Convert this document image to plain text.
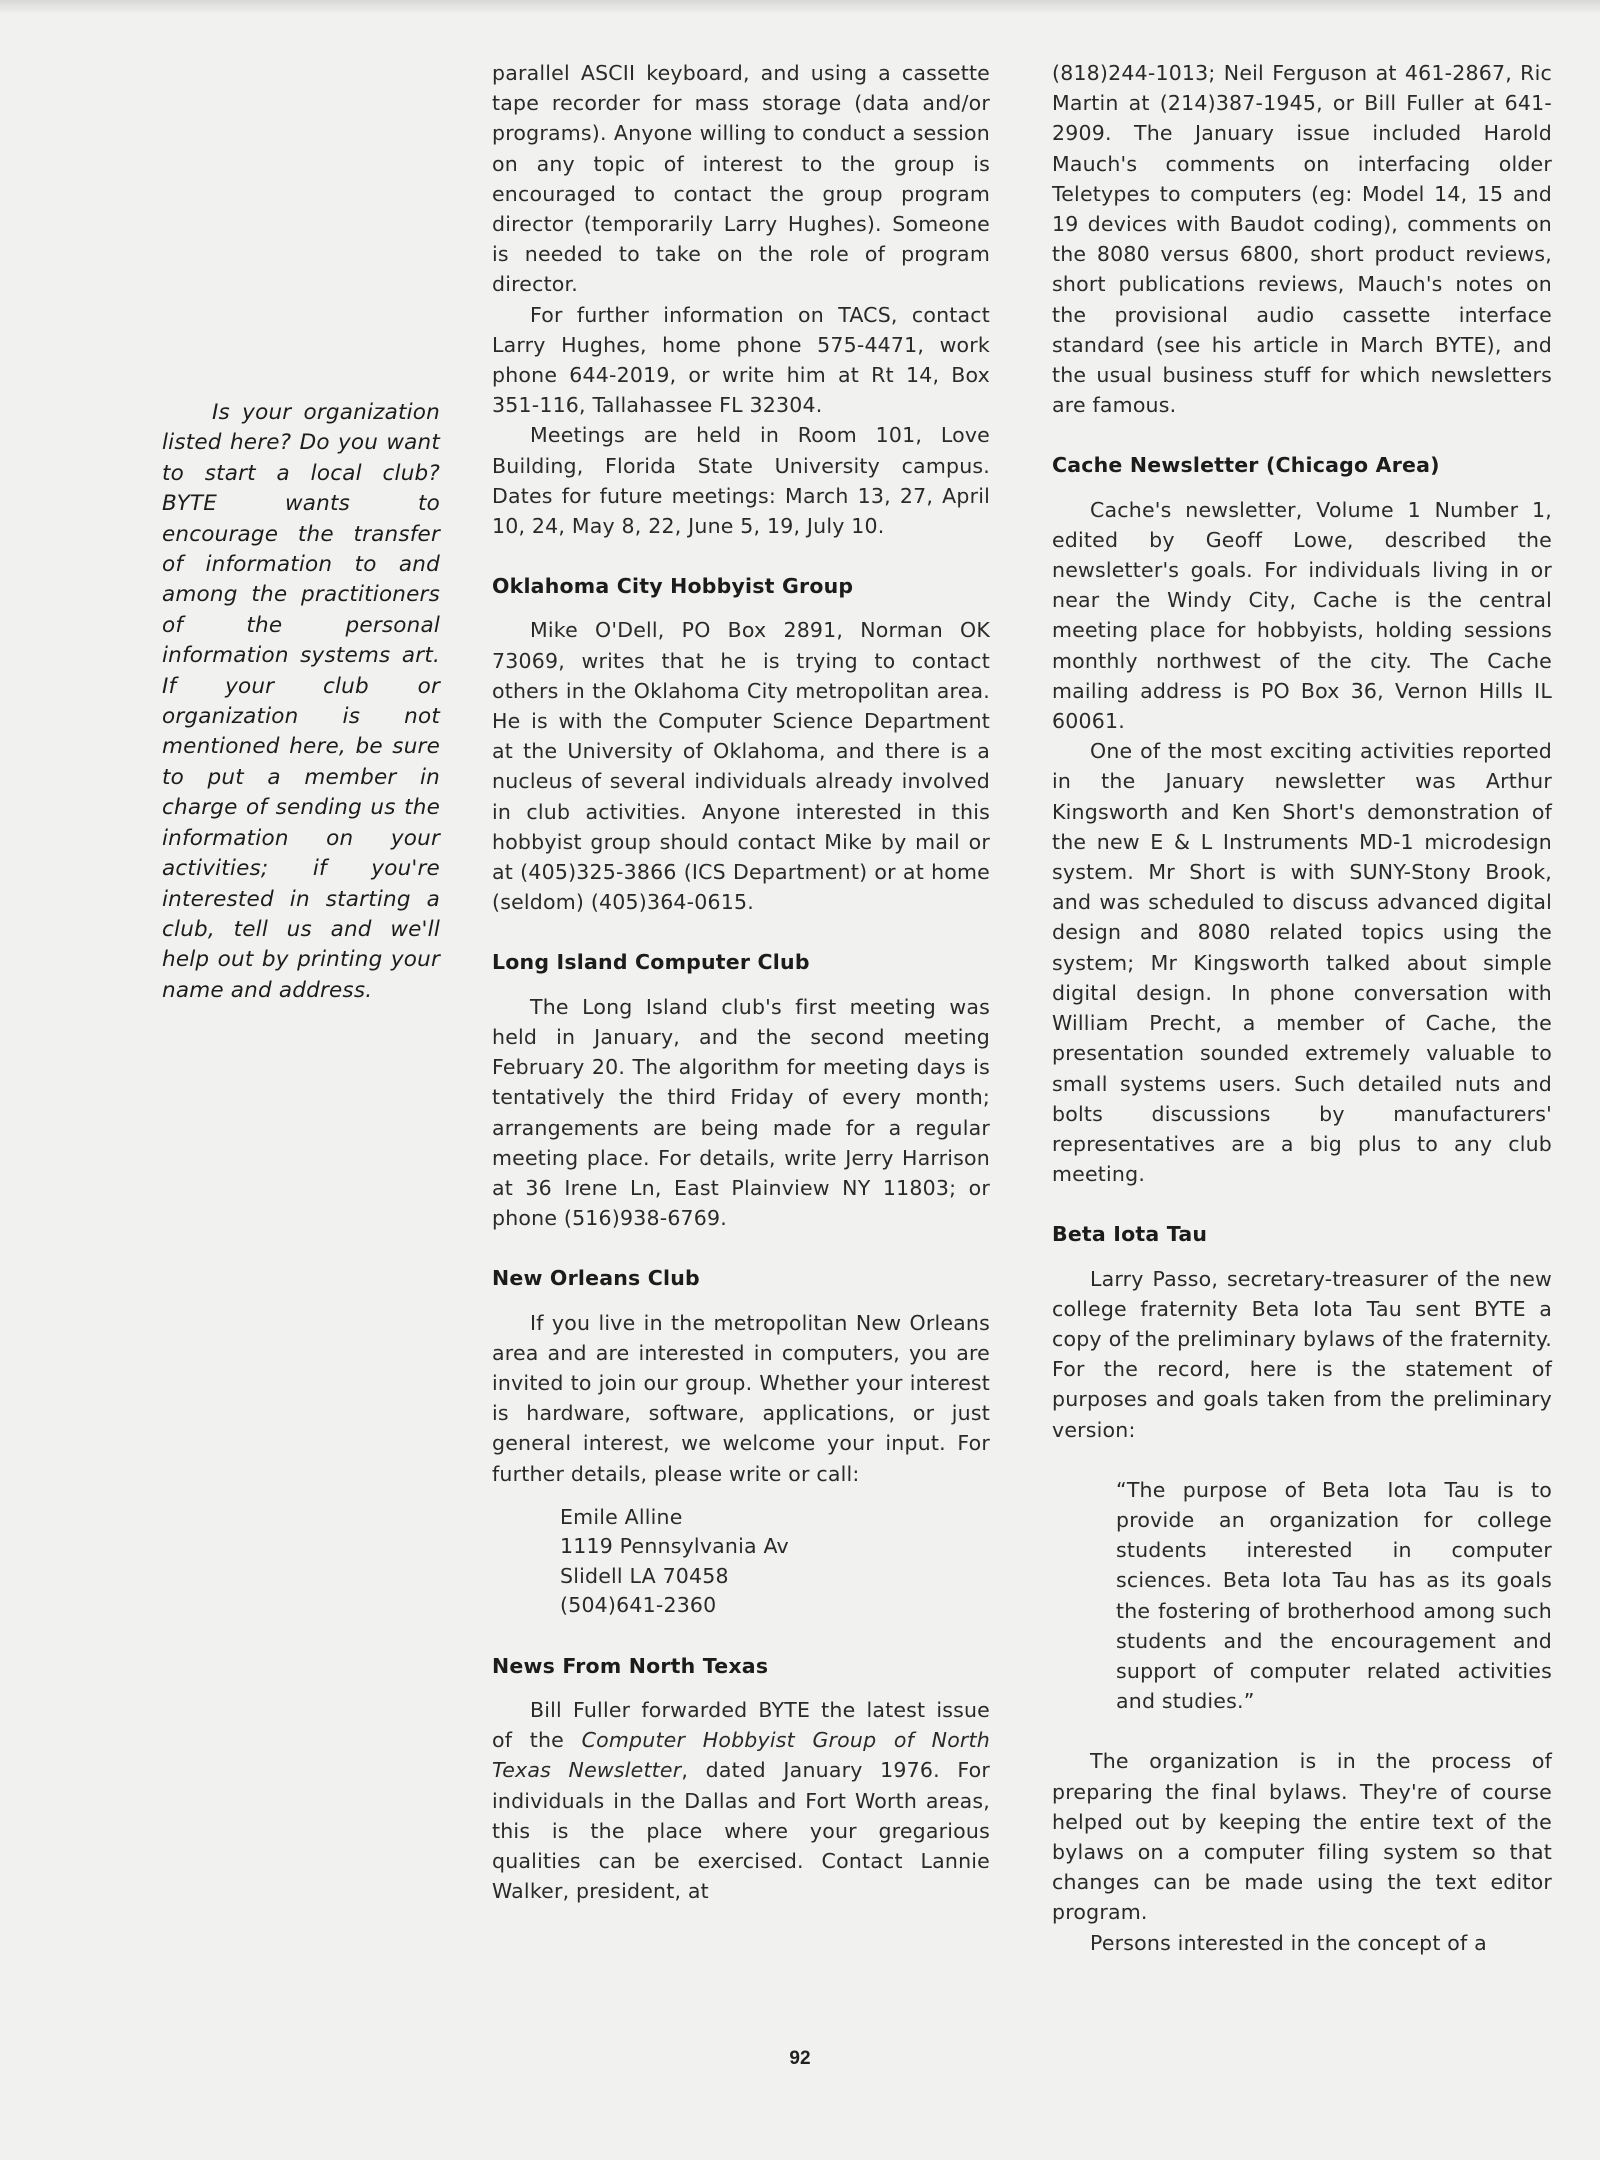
Is your organization listed here? Do you want to start a local club? BYTE wants to encourage the transfer of information to and among the practitioners of the personal information systems art. If your club or organization is not mentioned here, be sure to put a member in charge of sending us the information on your activities; if you're interested in starting a club, tell us and we'll help out by printing your name and address.

parallel ASCII keyboard, and using a cassette tape recorder for mass storage (data and/or programs). Anyone willing to conduct a session on any topic of interest to the group is encouraged to contact the group program director (temporarily Larry Hughes). Someone is needed to take on the role of program director.

For further information on TACS, contact Larry Hughes, home phone 575-4471, work phone 644-2019, or write him at Rt 14, Box 351-116, Tallahassee FL 32304.

Meetings are held in Room 101, Love Building, Florida State University campus. Dates for future meetings: March 13, 27, April 10, 24, May 8, 22, June 5, 19, July 10.

Oklahoma City Hobbyist Group

Mike O'Dell, PO Box 2891, Norman OK 73069, writes that he is trying to contact others in the Oklahoma City metropolitan area. He is with the Computer Science Department at the University of Oklahoma, and there is a nucleus of several individuals already involved in club activities. Anyone interested in this hobbyist group should contact Mike by mail or at (405)325-3866 (ICS Department) or at home (seldom) (405)364-0615.

Long Island Computer Club

The Long Island club's first meeting was held in January, and the second meeting February 20. The algorithm for meeting days is tentatively the third Friday of every month; arrangements are being made for a regular meeting place. For details, write Jerry Harrison at 36 Irene Ln, East Plainview NY 11803; or phone (516)938-6769.

New Orleans Club

If you live in the metropolitan New Orleans area and are interested in computers, you are invited to join our group. Whether your interest is hardware, software, applications, or just general interest, we welcome your input. For further details, please write or call:

Emile Alline
1119 Pennsylvania Av
Slidell LA 70458
(504)641-2360
News From North Texas

Bill Fuller forwarded BYTE the latest issue of the Computer Hobbyist Group of North Texas Newsletter, dated January 1976. For individuals in the Dallas and Fort Worth areas, this is the place where your gregarious qualities can be exercised. Contact Lannie Walker, president, at

(818)244-1013; Neil Ferguson at 461-2867, Ric Martin at (214)387-1945, or Bill Fuller at 641-2909. The January issue included Harold Mauch's comments on interfacing older Teletypes to computers (eg: Model 14, 15 and 19 devices with Baudot coding), comments on the 8080 versus 6800, short product reviews, short publications reviews, Mauch's notes on the provisional audio cassette interface standard (see his article in March BYTE), and the usual business stuff for which newsletters are famous.

Cache Newsletter (Chicago Area)

Cache's newsletter, Volume 1 Number 1, edited by Geoff Lowe, described the newsletter's goals. For individuals living in or near the Windy City, Cache is the central meeting place for hobbyists, holding sessions monthly northwest of the city. The Cache mailing address is PO Box 36, Vernon Hills IL 60061.

One of the most exciting activities reported in the January newsletter was Arthur Kingsworth and Ken Short's demonstration of the new E & L Instruments MD-1 microdesign system. Mr Short is with SUNY-Stony Brook, and was scheduled to discuss advanced digital design and 8080 related topics using the system; Mr Kingsworth talked about simple digital design. In phone conversation with William Precht, a member of Cache, the presentation sounded extremely valuable to small systems users. Such detailed nuts and bolts discussions by manufacturers' representatives are a big plus to any club meeting.

Beta Iota Tau

Larry Passo, secretary-treasurer of the new college fraternity Beta Iota Tau sent BYTE a copy of the preliminary bylaws of the fraternity. For the record, here is the statement of purposes and goals taken from the preliminary version:

“The purpose of Beta Iota Tau is to provide an organization for college students interested in computer sciences. Beta Iota Tau has as its goals the fostering of brotherhood among such students and the encouragement and support of computer related activities and studies.”

The organization is in the process of preparing the final bylaws. They're of course helped out by keeping the entire text of the bylaws on a computer filing system so that changes can be made using the text editor program.

Persons interested in the concept of a

92
